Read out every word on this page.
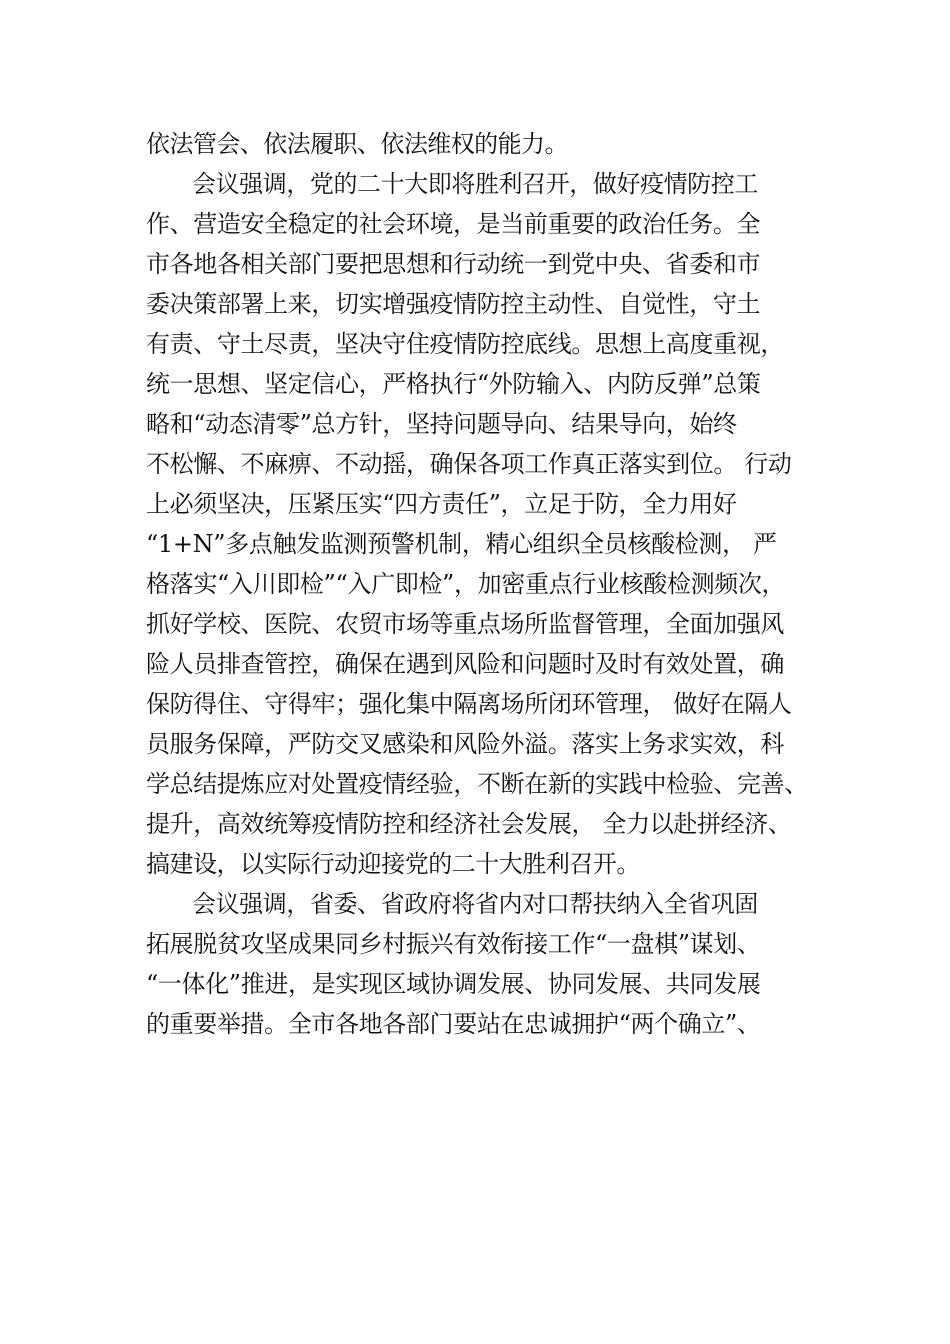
依法管会、依法履职、依法维权的能力。
会议强调，党的二十大即将胜利召开，做好疫情防控工
作、营造安全稳定的社会环境，是当前重要的政治任务。全
市各地各相关部门要把思想和行动统一到党中央、省委和市
委决策部署上来，切实增强疫情防控主动性、自觉性，守土
有责、守土尽责，坚决守住疫情防控底线。思想上高度重视，
统一思想、坚定信心，严格执行“外防输入、内防反弹”总策
略和“动态清零”总方针，坚持问题导向、结果导向，始终
不松懈、不麻痹、不动摇，确保各项工作真正落实到位。 行动
上必须坚决，压紧压实“四方责任”，立足于防，全力用好
“1+N”多点触发监测预警机制，精心组织全员核酸检测， 严
格落实“入川即检”“入广即检”，加密重点行业核酸检测频次，
抓好学校、医院、农贸市场等重点场所监督管理，全面加强风
险人员排查管控，确保在遇到风险和问题时及时有效处置，确
保防得住、守得牢；强化集中隔离场所闭环管理， 做好在隔人
员服务保障，严防交叉感染和风险外溢。落实上务求实效，科
学总结提炼应对处置疫情经验，不断在新的实践中检验、完善、
提升，高效统筹疫情防控和经济社会发展， 全力以赴拼经济、
搞建设，以实际行动迎接党的二十大胜利召开。
会议强调，省委、省政府将省内对口帮扶纳入全省巩固
拓展脱贫攻坚成果同乡村振兴有效衔接工作“一盘棋”谋划、
“一体化”推进，是实现区域协调发展、协同发展、共同发展
的重要举措。全市各地各部门要站在忠诚拥护“两个确立”、
